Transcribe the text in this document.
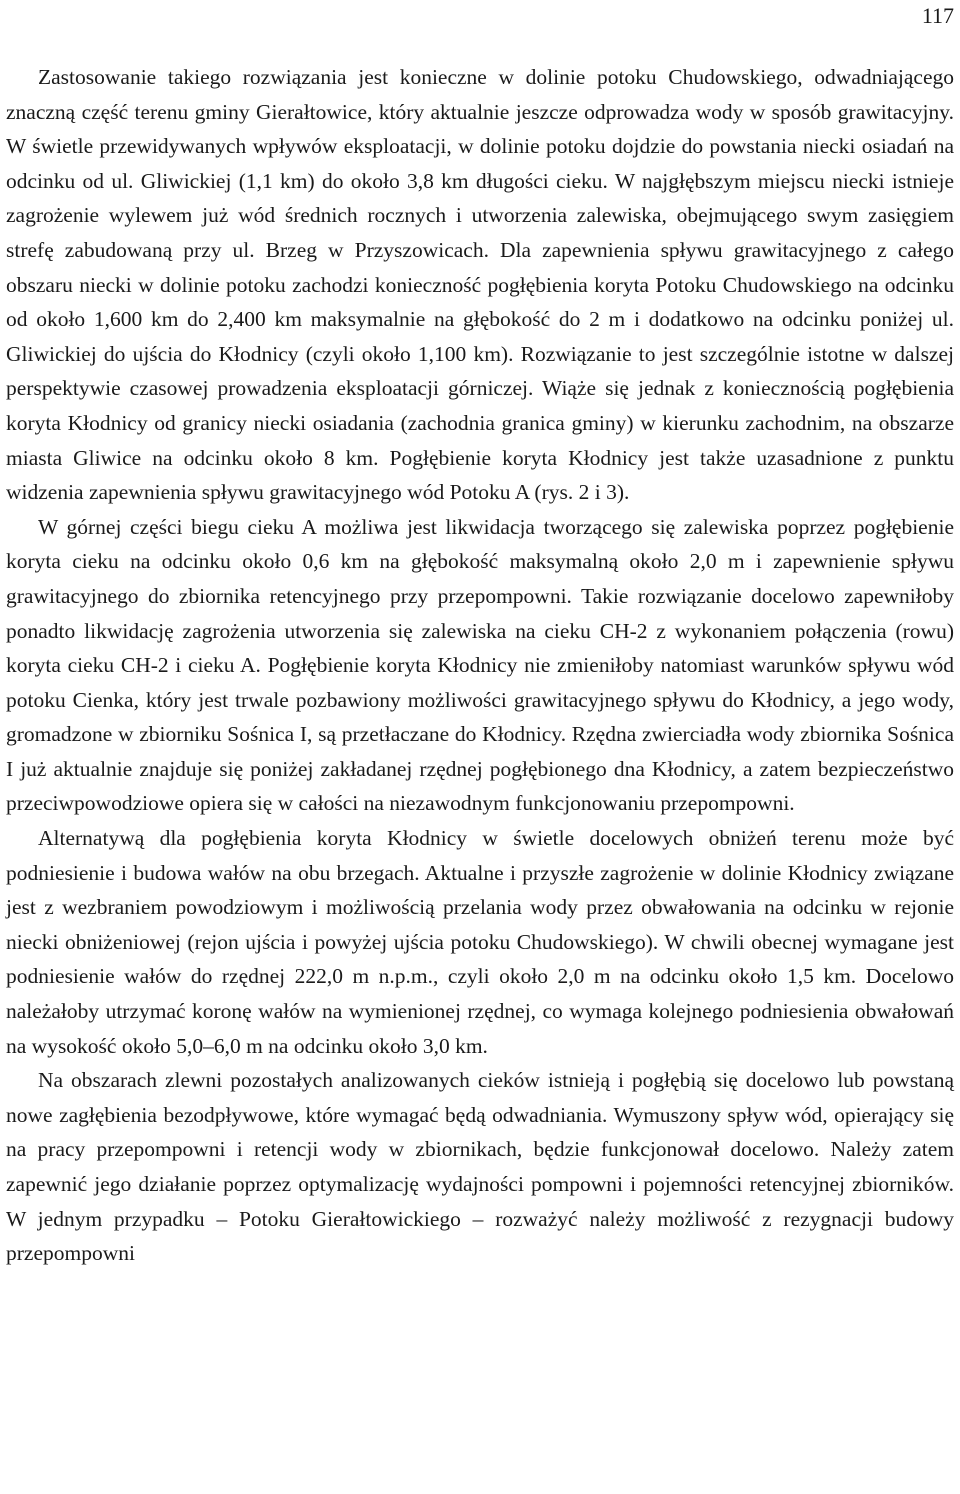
117

Zastosowanie takiego rozwiązania jest konieczne w dolinie potoku Chudowskiego, odwadniającego znaczną część terenu gminy Gierałtowice, który aktualnie jeszcze odprowadza wody w sposób grawitacyjny. W świetle przewidywanych wpływów eksploatacji, w dolinie potoku dojdzie do powstania niecki osiadań na odcinku od ul. Gliwickiej (1,1 km) do około 3,8 km długości cieku. W najgłębszym miejscu niecki istnieje zagrożenie wylewem już wód średnich rocznych i utworzenia zalewiska, obejmującego swym zasięgiem strefę zabudowaną przy ul. Brzeg w Przyszowicach. Dla zapewnienia spływu grawitacyjnego z całego obszaru niecki w dolinie potoku zachodzi konieczność pogłębienia koryta Potoku Chudowskiego na odcinku od około 1,600 km do 2,400 km maksymalnie na głębokość do 2 m i dodatkowo na odcinku poniżej ul. Gliwickiej do ujścia do Kłodnicy (czyli około 1,100 km). Rozwiązanie to jest szczególnie istotne w dalszej perspektywie czasowej prowadzenia eksploatacji górniczej. Wiąże się jednak z koniecznością pogłębienia koryta Kłodnicy od granicy niecki osiadania (zachodnia granica gminy) w kierunku zachodnim, na obszarze miasta Gliwice na odcinku około 8 km. Pogłębienie koryta Kłodnicy jest także uzasadnione z punktu widzenia zapewnienia spływu grawitacyjnego wód Potoku A (rys. 2 i 3).

W górnej części biegu cieku A możliwa jest likwidacja tworzącego się zalewiska poprzez pogłębienie koryta cieku na odcinku około 0,6 km na głębokość maksymalną około 2,0 m i zapewnienie spływu grawitacyjnego do zbiornika retencyjnego przy przepompowni. Takie rozwiązanie docelowo zapewniłoby ponadto likwidację zagrożenia utworzenia się zalewiska na cieku CH-2 z wykonaniem połączenia (rowu) koryta cieku CH-2 i cieku A. Pogłębienie koryta Kłodnicy nie zmieniłoby natomiast warunków spływu wód potoku Cienka, który jest trwale pozbawiony możliwości grawitacyjnego spływu do Kłodnicy, a jego wody, gromadzone w zbiorniku Sośnica I, są przetłaczane do Kłodnicy. Rzędna zwierciadła wody zbiornika Sośnica I już aktualnie znajduje się poniżej zakładanej rzędnej pogłębionego dna Kłodnicy, a zatem bezpieczeństwo przeciwpowodziowe opiera się w całości na niezawodnym funkcjonowaniu przepompowni.

Alternatywą dla pogłębienia koryta Kłodnicy w świetle docelowych obniżeń terenu może być podniesienie i budowa wałów na obu brzegach. Aktualne i przyszłe zagrożenie w dolinie Kłodnicy związane jest z wezbraniem powodziowym i możliwością przelania wody przez obwałowania na odcinku w rejonie niecki obniżeniowej (rejon ujścia i powyżej ujścia potoku Chudowskiego). W chwili obecnej wymagane jest podniesienie wałów do rzędnej 222,0 m n.p.m., czyli około 2,0 m na odcinku około 1,5 km. Docelowo należałoby utrzymać koronę wałów na wymienionej rzędnej, co wymaga kolejnego podniesienia obwałowań na wysokość około 5,0–6,0 m na odcinku około 3,0 km.

Na obszarach zlewni pozostałych analizowanych cieków istnieją i pogłębią się docelowo lub powstaną nowe zagłębienia bezodpływowe, które wymagać będą odwadniania. Wymuszony spływ wód, opierający się na pracy przepompowni i retencji wody w zbiornikach, będzie funkcjonował docelowo. Należy zatem zapewnić jego działanie poprzez optymalizację wydajności pompowni i pojemności retencyjnej zbiorników. W jednym przypadku – Potoku Gierałtowickiego – rozważyć należy możliwość z rezygnacji budowy przepompowni
